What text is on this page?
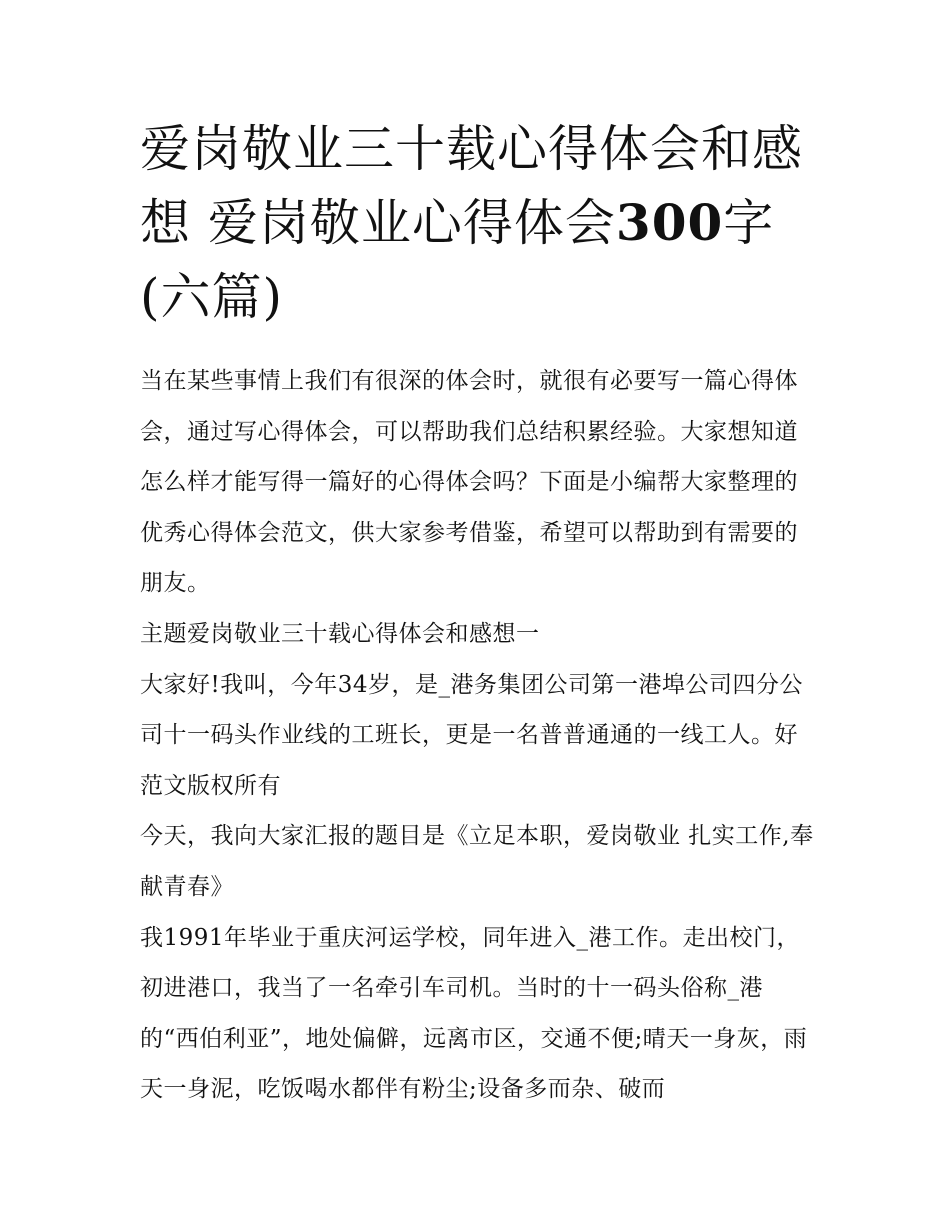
爱岗敬业三十载心得体会和感想 爱岗敬业心得体会300字(六篇)

当在某些事情上我们有很深的体会时，就很有必要写一篇心得体会，通过写心得体会，可以帮助我们总结积累经验。大家想知道怎么样才能写得一篇好的心得体会吗？下面是小编帮大家整理的优秀心得体会范文，供大家参考借鉴，希望可以帮助到有需要的朋友。

主题爱岗敬业三十载心得体会和感想一

大家好!我叫，今年34岁，是_港务集团公司第一港埠公司四分公司十一码头作业线的工班长，更是一名普普通通的一线工人。好范文版权所有

今天，我向大家汇报的题目是《立足本职，爱岗敬业 扎实工作,奉献青春》

我1991年毕业于重庆河运学校，同年进入_港工作。走出校门，初进港口，我当了一名牵引车司机。当时的十一码头俗称_港的“西伯利亚”，地处偏僻，远离市区，交通不便;晴天一身灰，雨天一身泥，吃饭喝水都伴有粉尘;设备多而杂、破而
